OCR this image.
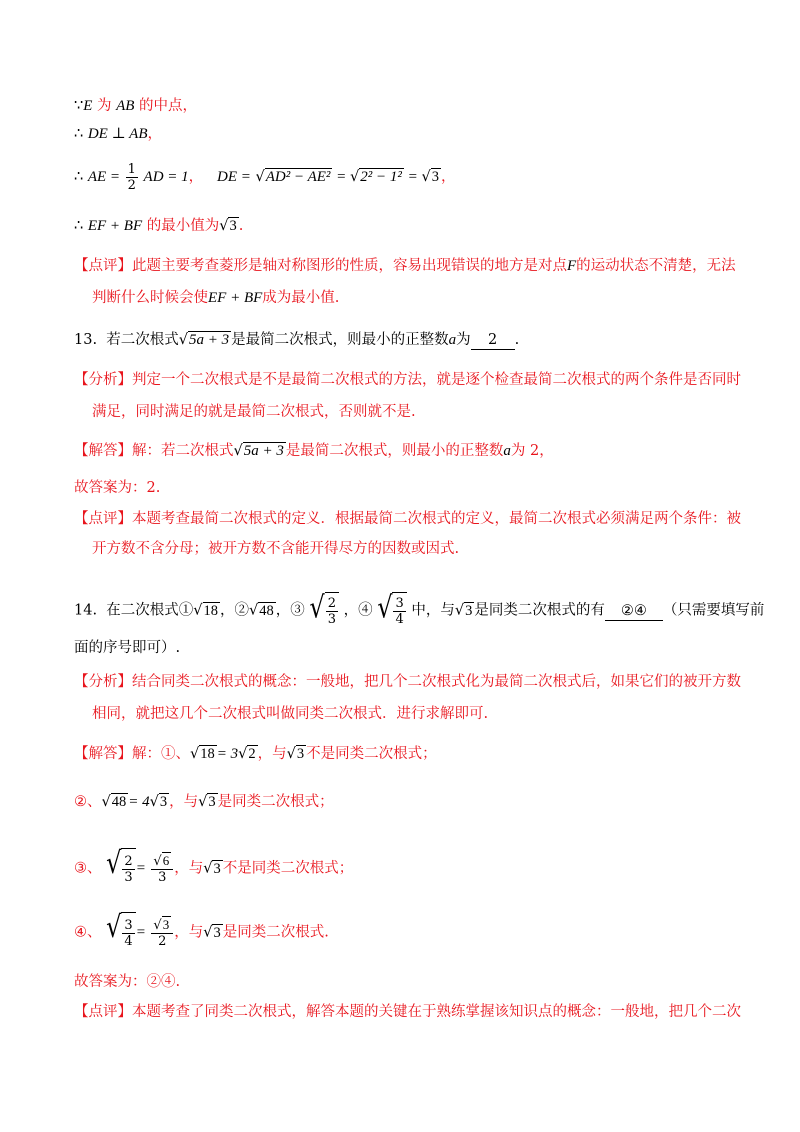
∵E 为 AB 的中点，
∴ DE ⊥ AB，
∴ AE = $\frac{1}{2}$ AD = 1， DE = √AD² − AE² = √2² − 1² = √3 ，
∴ EF + BF 的最小值为√3 .
【点评】此题主要考查菱形是轴对称图形的性质，容易出现错误的地方是对点F的运动状态不清楚，无法
判断什么时候会使EF + BF成为最小值.
13. 若二次根式√5a + 3 是最简二次根式，则最小的正整数a为 2 .
【分析】判定一个二次根式是不是最简二次根式的方法，就是逐个检查最简二次根式的两个条件是否同时
满足，同时满足的就是最简二次根式，否则就不是.
【解答】解：若二次根式√5a + 3 是最简二次根式，则最小的正整数a为 2，
故答案为：2.
【点评】本题考查最简二次根式的定义．根据最简二次根式的定义，最简二次根式必须满足两个条件：被
开方数不含分母；被开方数不含能开得尽方的因数或因式.
14. 在二次根式①√18 ，②√48 ，③ √ $\frac{2}{3}$ ，④ √ $\frac{3}{4}$ 中，与√3 是同类二次根式的有 ②④ （只需要填写前
面的序号即可）.
【分析】结合同类二次根式的概念：一般地，把几个二次根式化为最简二次根式后，如果它们的被开方数
相同，就把这几个二次根式叫做同类二次根式．进行求解即可.
【解答】解：①、√18 = 3√2 ，与√3 不是同类二次根式；
②、√48 = 4√3 ，与√3 是同类二次根式；
③、 √ $\frac{2}{3} = \frac{√6}{3}$ ，与√3 不是同类二次根式；
④、 √ $\frac{3}{4} = \frac{√3}{2}$ ，与√3 是同类二次根式.
故答案为：②④.
【点评】本题考查了同类二次根式，解答本题的关键在于熟练掌握该知识点的概念：一般地，把几个二次
